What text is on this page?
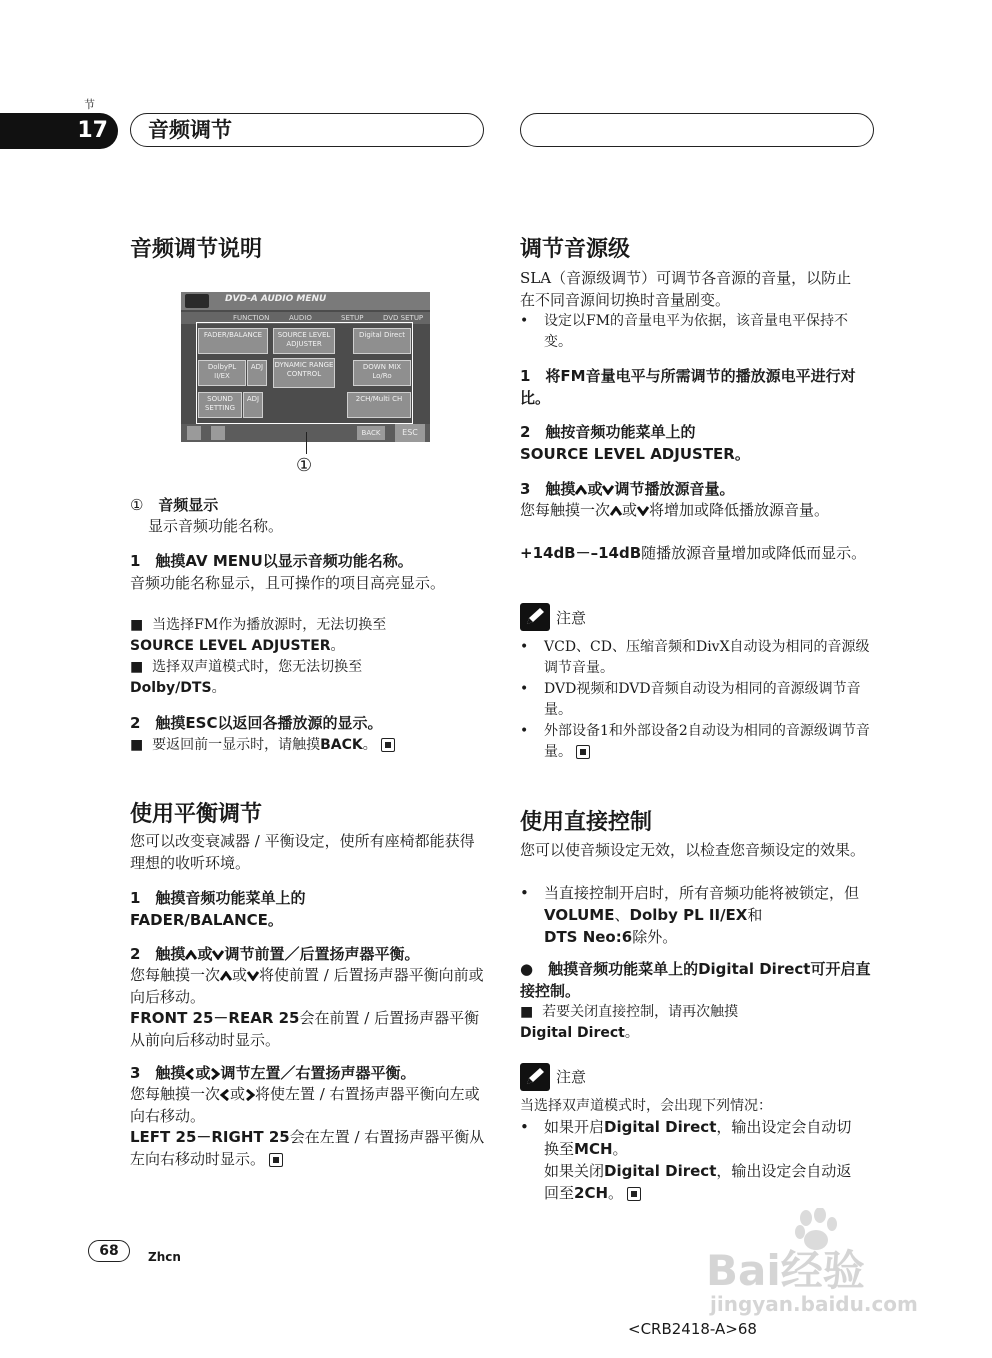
节
17	音频调节
音频调节说明
DVD-A AUDIO MENU
FUNCTION	AUDIO	SETUP	DVD SETUP
FADER/BALANCE	SOURCE LEVEL ADJUSTER
Digital Direct
DolbyPL II/EX
ADJ	DYNAMIC RANGE CONTROL
DOWN MIX Lo/Ro
SOUND SETTING
ADJ	2CH/Multi CH
BACK	ESC
①
① 音频显示
显示音频功能名称。
1　触摸AV MENU以显示音频功能名称。
音频功能名称显示，且可操作的项目高亮显示。
■  当选择FM作为播放源时，无法切换至
SOURCE LEVEL ADJUSTER。
■  选择双声道模式时，您无法切换至
Dolby/DTS。
2　触摸ESC以返回各播放源的显示。
■  要返回前一显示时，请触摸BACK。
使用平衡调节
您可以改变衰减器 / 平衡设定，使所有座椅都能获得理想的收听环境。
1　触摸音频功能菜单上的
FADER/BALANCE。
2　触摸 或 调节前置／后置扬声器平衡。
您每触摸一次 或 将使前置 / 后置扬声器平衡向前或向后移动。
FRONT 25－REAR 25会在前置 / 后置扬声器平衡从前向后移动时显示。
3　触摸 或 调节左置／右置扬声器平衡。
您每触摸一次 或 将使左置 / 右置扬声器平衡向左或向右移动。
LEFT 25－RIGHT 25会在左置 / 右置扬声器平衡从左向右移动时显示。
调节音源级
SLA（音源级调节）可调节各音源的音量，以防止在不同音源间切换时音量剧变。
• 设定以FM的音量电平为依据，该音量电平保持不变。
1　将FM音量电平与所需调节的播放源电平进行对比。
2　触按音频功能菜单上的
SOURCE LEVEL ADJUSTER。
3　触摸 或 调节播放源音量。
您每触摸一次 或 将增加或降低播放源音量。
+14dB－–14dB随播放源音量增加或降低而显示。
注意
• VCD、CD、压缩音频和DivX自动设为相同的音源级调节音量。
• DVD视频和DVD音频自动设为相同的音源级调节音量。
• 外部设备1和外部设备2自动设为相同的音源级调节音量。
使用直接控制
您可以使音频设定无效，以检查您音频设定的效果。
• 当直接控制开启时，所有音频功能将被锁定，但VOLUME、Dolby PL II/EX和
DTS Neo:6除外。
●　触摸音频功能菜单上的Digital Direct可开启直接控制。
■  若要关闭直接控制，请再次触摸
Digital Direct。
注意
当选择双声道模式时，会出现下列情况：
• 如果开启Digital Direct，输出设定会自动切换至MCH。
如果关闭Digital Direct，输出设定会自动返回至2CH。
68	Zhcn	Bai经验
jingyan.baidu.com
<CRB2418-A>68
